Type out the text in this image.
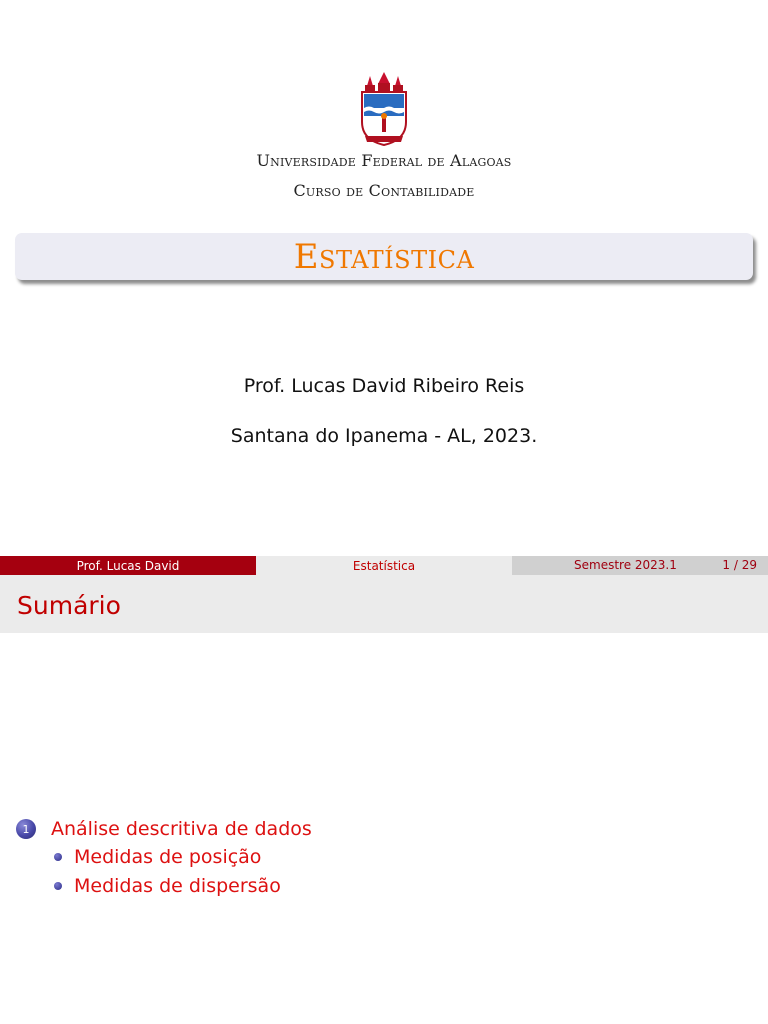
Universidade Federal de Alagoas
Curso de Contabilidade
Estatística
Prof. Lucas David Ribeiro Reis
Santana do Ipanema - AL, 2023.
Prof. Lucas David	Estatística	Semestre 2023.1	1 / 29
Sumário
1	Análise descritiva de dados
Medidas de posição
Medidas de dispersão
